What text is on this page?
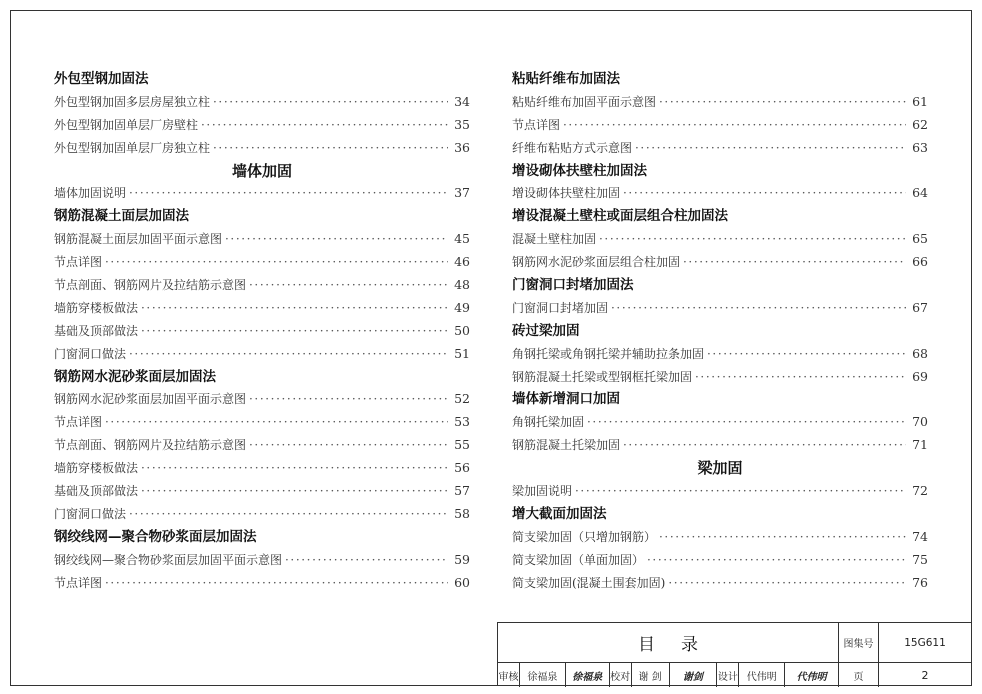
外包型钢加固法
外包型钢加固多层房屋独立柱 ·····	34
外包型钢加固单层厂房壁柱 ·····	35
外包型钢加固单层厂房独立柱 ·····	36
墙体加固
墙体加固说明 ·····	37
钢筋混凝土面层加固法
钢筋混凝土面层加固平面示意图 ·····	45
节点详图 ·····	46
节点剖面、钢筋网片及拉结筋示意图 ·····	48
墙筋穿楼板做法 ·····	49
基础及顶部做法 ·····	50
门窗洞口做法 ·····	51
钢筋网水泥砂浆面层加固法
钢筋网水泥砂浆面层加固平面示意图 ·····	52
节点详图 ·····	53
节点剖面、钢筋网片及拉结筋示意图 ·····	55
墙筋穿楼板做法 ·····	56
基础及顶部做法 ·····	57
门窗洞口做法 ·····	58
钢绞线网—聚合物砂浆面层加固法
钢绞线网—聚合物砂浆面层加固平面示意图 ·····	59
节点详图 ·····	60
粘贴纤维布加固法
粘贴纤维布加固平面示意图 ·····	61
节点详图 ·····	62
纤维布粘贴方式示意图 ·····	63
增设砌体扶壁柱加固法
增设砌体扶壁柱加固 ·····	64
增设混凝土壁柱或面层组合柱加固法
混凝土壁柱加固 ·····	65
钢筋网水泥砂浆面层组合柱加固 ·····	66
门窗洞口封堵加固法
门窗洞口封堵加固 ·····	67
砖过梁加固
角钢托梁或角钢托梁并辅助拉条加固 ·····	68
钢筋混凝土托梁或型钢框托梁加固 ·····	69
墙体新增洞口加固
角钢托梁加固 ·····	70
钢筋混凝土托梁加固 ·····	71
梁加固
梁加固说明 ·····	72
增大截面加固法
简支梁加固（只增加钢筋） ·····	74
简支梁加固（单面加固） ·····	75
简支梁加固(混凝土围套加固) ·····	76
目录	图集号	15G611
审核 徐福泉	徐福泉 校对 谢 剑	谢剑	设计 代伟明	代伟明	页	2
